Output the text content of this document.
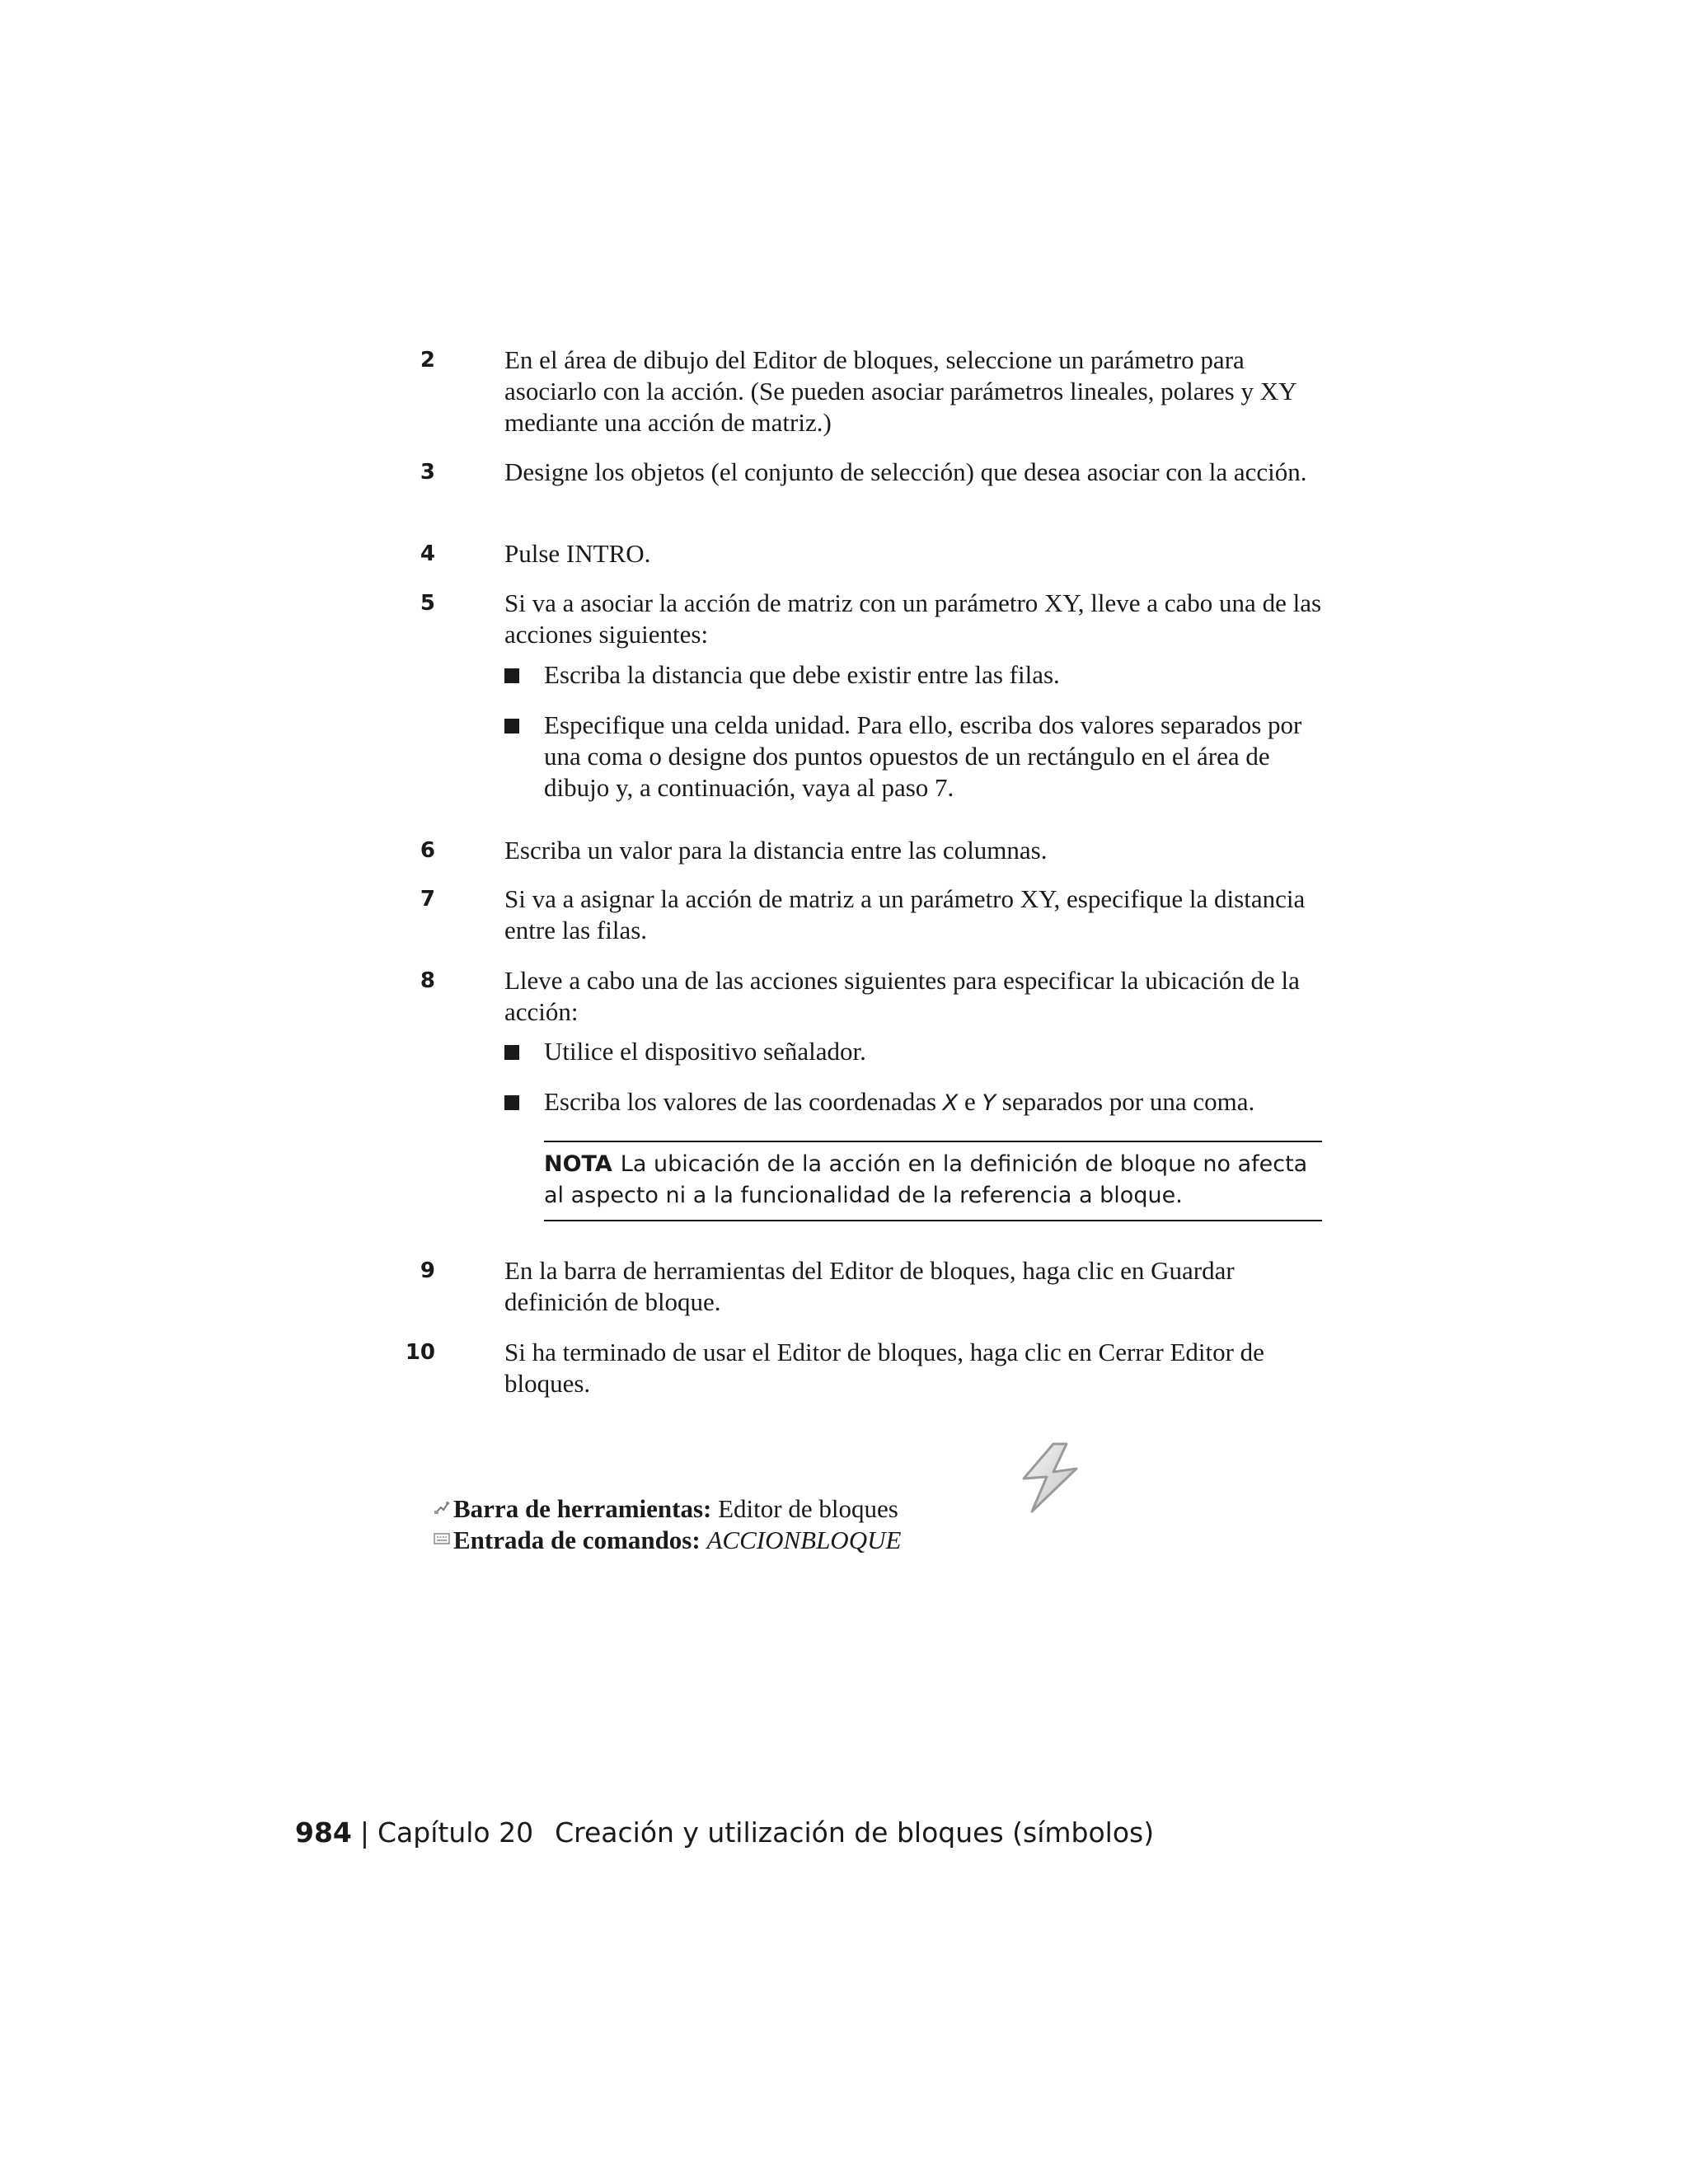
2	En el área de dibujo del Editor de bloques, seleccione un parámetro para asociarlo con la acción. (Se pueden asociar parámetros lineales, polares y XY mediante una acción de matriz.)
3	Designe los objetos (el conjunto de selección) que desea asociar con la acción.
4	Pulse INTRO.
5	Si va a asociar la acción de matriz con un parámetro XY, lleve a cabo una de las acciones siguientes:
Escriba la distancia que debe existir entre las filas.
Especifique una celda unidad. Para ello, escriba dos valores separados por una coma o designe dos puntos opuestos de un rectángulo en el área de dibujo y, a continuación, vaya al paso 7.
6	Escriba un valor para la distancia entre las columnas.
7	Si va a asignar la acción de matriz a un parámetro XY, especifique la distancia entre las filas.
8	Lleve a cabo una de las acciones siguientes para especificar la ubicación de la acción:
Utilice el dispositivo señalador.
Escriba los valores de las coordenadas X e Y separados por una coma.
NOTA La ubicación de la acción en la definición de bloque no afecta al aspecto ni a la funcionalidad de la referencia a bloque.
9	En la barra de herramientas del Editor de bloques, haga clic en Guardar definición de bloque.
10	Si ha terminado de usar el Editor de bloques, haga clic en Cerrar Editor de bloques.
Barra de herramientas: Editor de bloques
Entrada de comandos: ACCIONBLOQUE
984 | Capítulo 20 Creación y utilización de bloques (símbolos)
